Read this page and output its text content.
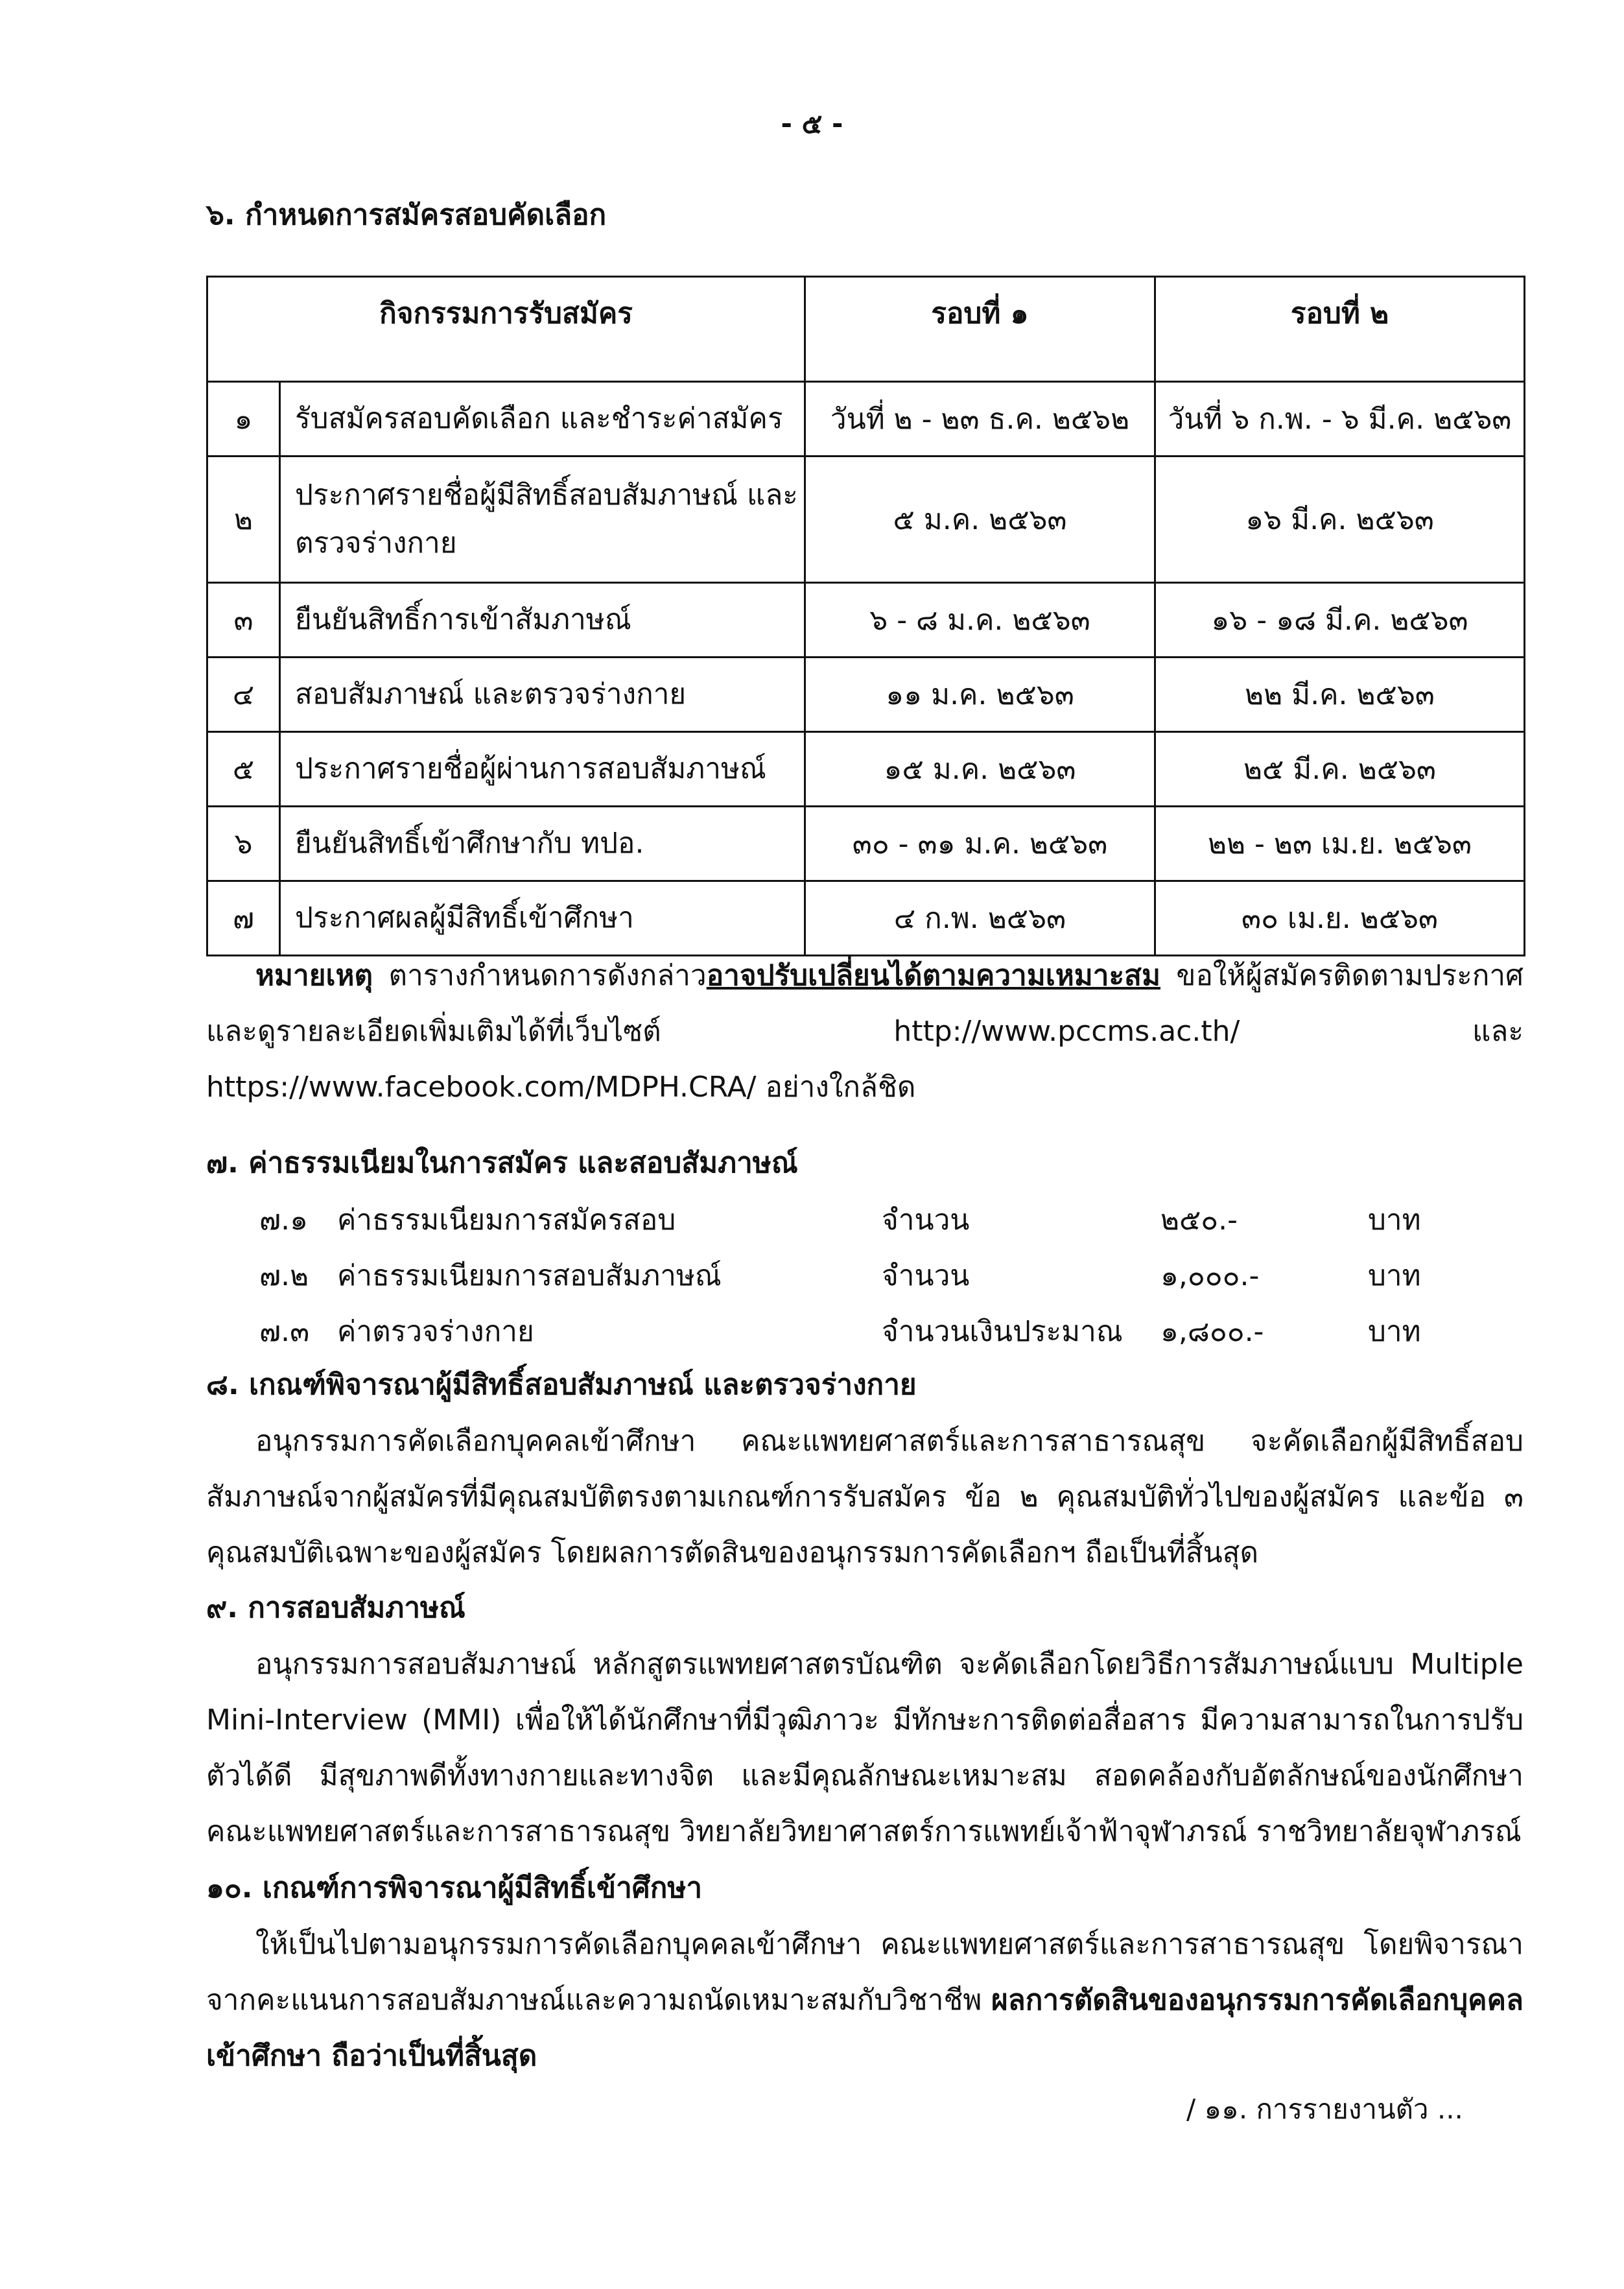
- ๕ -
๖. กำหนดการสมัครสอบคัดเลือก
กิจกรรมการรับสมัคร		รอบที่ ๑	รอบที่ ๒
๑	รับสมัครสอบคัดเลือก และชำระค่าสมัคร	วันที่ ๒ - ๒๓ ธ.ค. ๒๕๖๒	วันที่ ๖ ก.พ. - ๖ มี.ค. ๒๕๖๓
๒	ประกาศรายชื่อผู้มีสิทธิ์สอบสัมภาษณ์ และตรวจร่างกาย	๕ ม.ค. ๒๕๖๓	๑๖ มี.ค. ๒๕๖๓
๓	ยืนยันสิทธิ์การเข้าสัมภาษณ์	๖ - ๘ ม.ค. ๒๕๖๓	๑๖ - ๑๘ มี.ค. ๒๕๖๓
๔	สอบสัมภาษณ์ และตรวจร่างกาย	๑๑ ม.ค. ๒๕๖๓	๒๒ มี.ค. ๒๕๖๓
๕	ประกาศรายชื่อผู้ผ่านการสอบสัมภาษณ์	๑๕ ม.ค. ๒๕๖๓	๒๕ มี.ค. ๒๕๖๓
๖	ยืนยันสิทธิ์เข้าศึกษากับ ทปอ.	๓๐ - ๓๑ ม.ค. ๒๕๖๓	๒๒ - ๒๓ เม.ย. ๒๕๖๓
๗	ประกาศผลผู้มีสิทธิ์เข้าศึกษา	๔ ก.พ. ๒๕๖๓	๓๐ เม.ย. ๒๕๖๓
หมายเหตุ ตารางกำหนดการดังกล่าวอาจปรับเปลี่ยนได้ตามความเหมาะสม ขอให้ผู้สมัครติดตามประกาศและดูรายละเอียดเพิ่มเติมได้ที่เว็บไซต์ http://www.pccms.ac.th/ และ https://www.facebook.com/MDPH.CRA/ อย่างใกล้ชิด
๗. ค่าธรรมเนียมในการสมัคร และสอบสัมภาษณ์
๗.๑ ค่าธรรมเนียมการสมัครสอบ	จำนวน	๒๕๐.-	บาท
๗.๒ ค่าธรรมเนียมการสอบสัมภาษณ์	จำนวน	๑,๐๐๐.-	บาท
๗.๓ ค่าตรวจร่างกาย	จำนวนเงินประมาณ ๑,๘๐๐.-	บาท
๘. เกณฑ์พิจารณาผู้มีสิทธิ์สอบสัมภาษณ์ และตรวจร่างกาย
อนุกรรมการคัดเลือกบุคคลเข้าศึกษา คณะแพทยศาสตร์และการสาธารณสุข จะคัดเลือกผู้มีสิทธิ์สอบสัมภาษณ์จากผู้สมัครที่มีคุณสมบัติตรงตามเกณฑ์การรับสมัคร ข้อ ๒ คุณสมบัติทั่วไปของผู้สมัคร และข้อ ๓ คุณสมบัติเฉพาะของผู้สมัคร โดยผลการตัดสินของอนุกรรมการคัดเลือกฯ ถือเป็นที่สิ้นสุด
๙. การสอบสัมภาษณ์
อนุกรรมการสอบสัมภาษณ์ หลักสูตรแพทยศาสตรบัณฑิต จะคัดเลือกโดยวิธีการสัมภาษณ์แบบ Multiple Mini-Interview (MMI) เพื่อให้ได้นักศึกษาที่มีวุฒิภาวะ มีทักษะการติดต่อสื่อสาร มีความสามารถในการปรับตัวได้ดี มีสุขภาพดีทั้งทางกายและทางจิต และมีคุณลักษณะเหมาะสม สอดคล้องกับอัตลักษณ์ของนักศึกษาคณะแพทยศาสตร์และการสาธารณสุข วิทยาลัยวิทยาศาสตร์การแพทย์เจ้าฟ้าจุฬาภรณ์ ราชวิทยาลัยจุฬาภรณ์
๑๐. เกณฑ์การพิจารณาผู้มีสิทธิ์เข้าศึกษา
ให้เป็นไปตามอนุกรรมการคัดเลือกบุคคลเข้าศึกษา คณะแพทยศาสตร์และการสาธารณสุข โดยพิจารณาจากคะแนนการสอบสัมภาษณ์และความถนัดเหมาะสมกับวิชาชีพ ผลการตัดสินของอนุกรรมการคัดเลือกบุคคลเข้าศึกษา ถือว่าเป็นที่สิ้นสุด
/ ๑๑. การรายงานตัว ...
